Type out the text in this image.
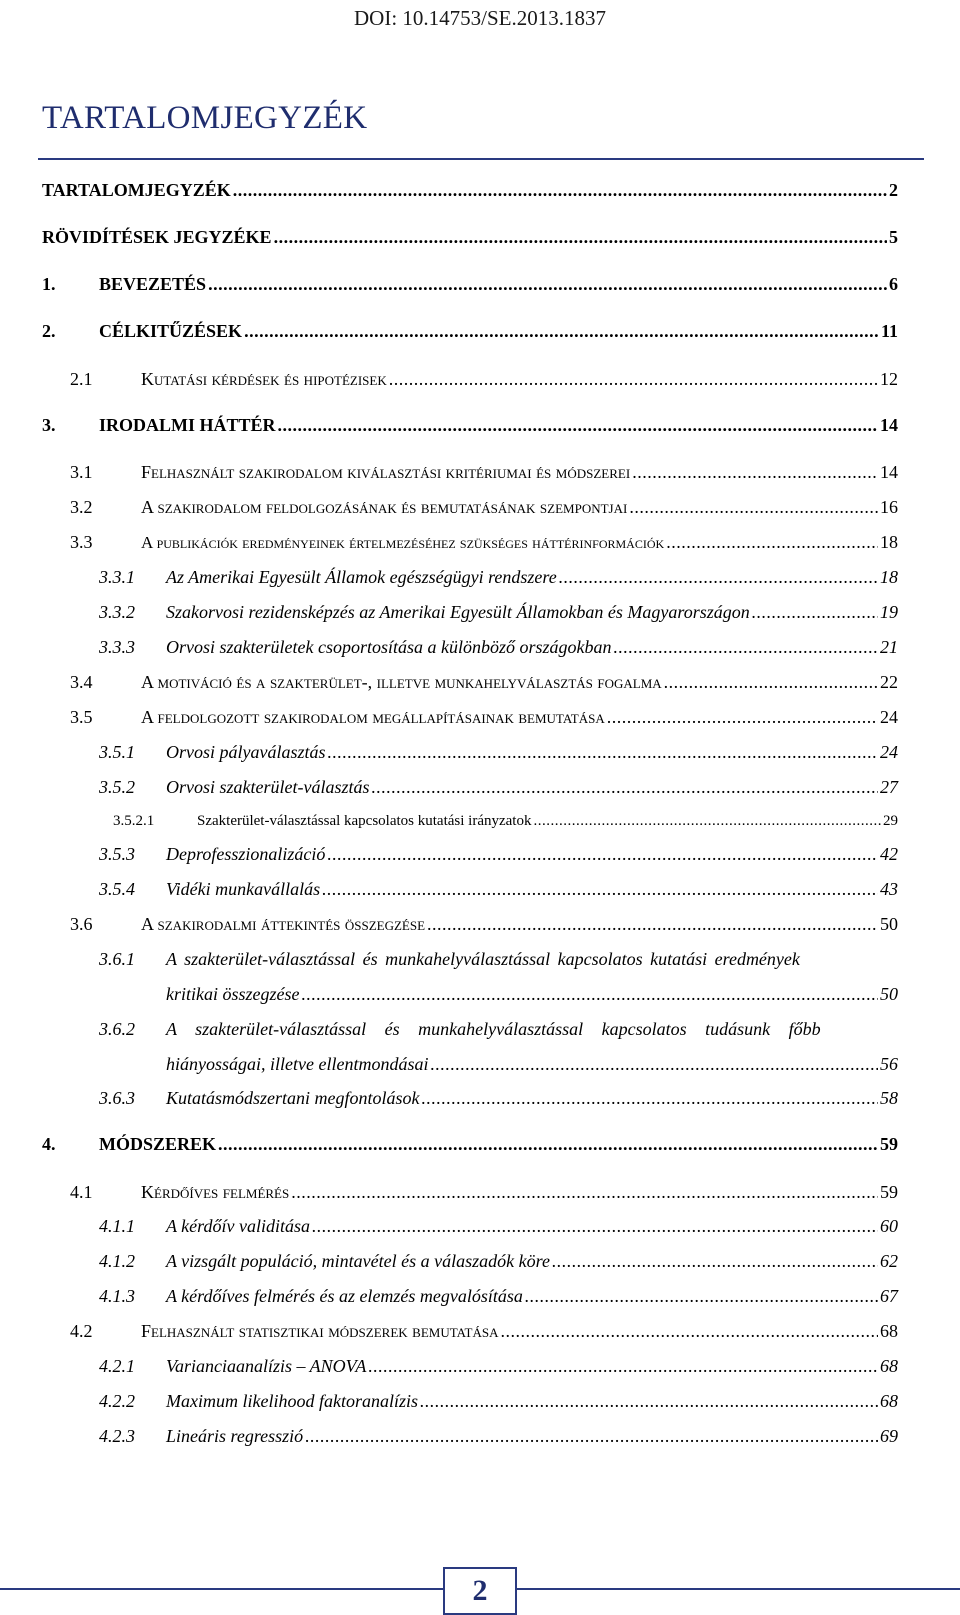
DOI: 10.14753/SE.2013.1837
TARTALOMJEGYZÉK
TARTALOMJEGYZÉK .....	2
RÖVIDÍTÉSEK JEGYZÉKE .....	5
1. BEVEZETÉS .....	6
2. CÉLKITŰZÉSEK .....	11
2.1	Kutatási kérdések és hipotézisek .....	12
3. IRODALMI HÁTTÉR .....	14
3.1	Felhasznált szakirodalom kiválasztási kritériumai és módszerei .....	14
3.2	A szakirodalom feldolgozásának és bemutatásának szempontjai .....	16
3.3	A publikációk eredményeinek értelmezéséhez szükséges háttérinformációk .....	18
3.3.1 Az Amerikai Egyesült Államok egészségügyi rendszere .....	18
3.3.2 Szakorvosi rezidensképzés az Amerikai Egyesült Államokban és Magyarországon .....	19
3.3.3 Orvosi szakterületek csoportosítása a különböző országokban .....	21
3.4	A motiváció és a szakterület-, illetve munkahelyválasztás fogalma .....	22
3.5	A feldolgozott szakirodalom megállapításainak bemutatása .....	24
3.5.1 Orvosi pályaválasztás .....	24
3.5.2 Orvosi szakterület-választás .....	27
3.5.2.1	Szakterület-választással kapcsolatos kutatási irányzatok .....	29
3.5.3 Deprofesszionalizáció .....	42
3.5.4 Vidéki munkavállalás .....	43
3.6	A szakirodalmi áttekintés összegzése .....	50
3.6.1 A szakterület-választással és munkahelyválasztással kapcsolatos kutatási eredmények
kritikai összegzése .....	50
3.6.2 A szakterület-választással és munkahelyválasztással kapcsolatos tudásunk főbb
hiányosságai, illetve ellentmondásai .....	56
3.6.3 Kutatásmódszertani megfontolások .....	58
4. MÓDSZEREK .....	59
4.1	Kérdőíves felmérés .....	59
4.1.1 A kérdőív validitása .....	60
4.1.2 A vizsgált populáció, mintavétel és a válaszadók köre .....	62
4.1.3 A kérdőíves felmérés és az elemzés megvalósítása .....	67
4.2	Felhasznált statisztikai módszerek bemutatása .....	68
4.2.1 Varianciaanalízis – ANOVA .....	68
4.2.2 Maximum likelihood faktoranalízis .....	68
4.2.3 Lineáris regresszió .....	69
2
